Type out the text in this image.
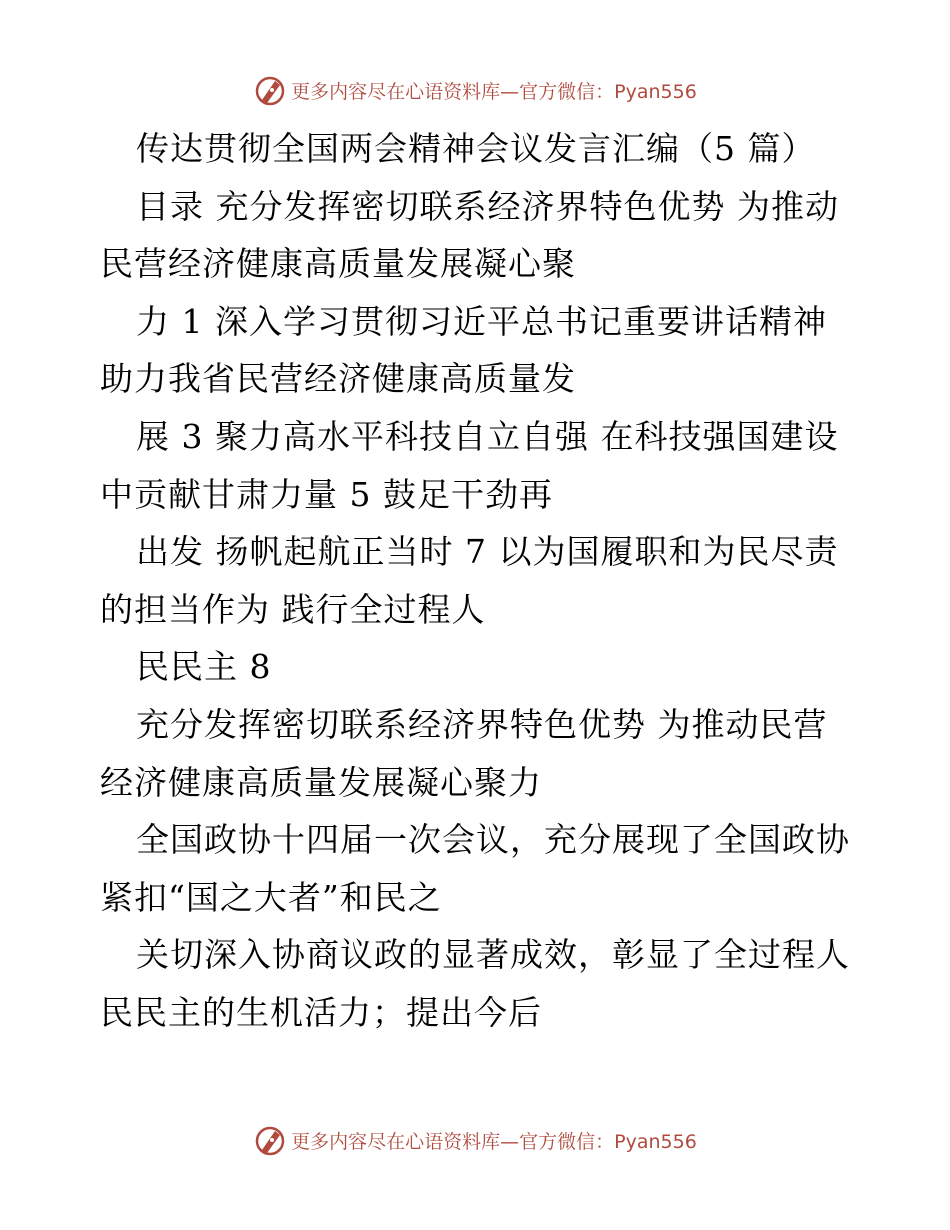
更多内容尽在心语资料库—官方微信：Pyan556
传达贯彻全国两会精神会议发言汇编（5 篇）
目录 充分发挥密切联系经济界特色优势 为推动
民营经济健康高质量发展凝心聚
力 1 深入学习贯彻习近平总书记重要讲话精神
助力我省民营经济健康高质量发
展 3 聚力高水平科技自立自强 在科技强国建设
中贡献甘肃力量 5 鼓足干劲再
出发 扬帆起航正当时 7 以为国履职和为民尽责
的担当作为 践行全过程人
民民主 8
充分发挥密切联系经济界特色优势 为推动民营
经济健康高质量发展凝心聚力
全国政协十四届一次会议，充分展现了全国政协
紧扣“国之大者”和民之
关切深入协商议政的显著成效，彰显了全过程人
民民主的生机活力；提出今后
更多内容尽在心语资料库—官方微信：Pyan556
